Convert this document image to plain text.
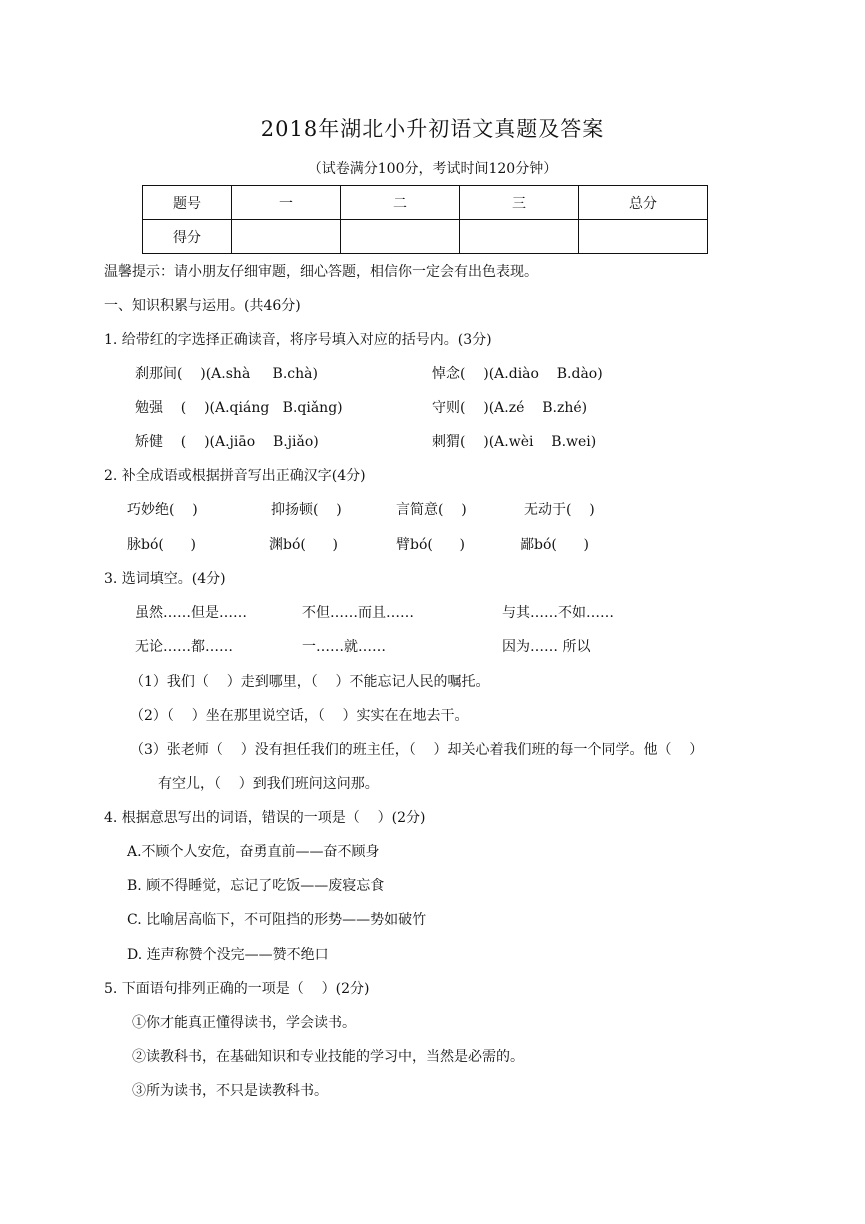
2018年湖北小升初语文真题及答案
（试卷满分100分，考试时间120分钟）
题号	一	二	三	总分
得分				
温馨提示：请小朋友仔细审题，细心答题，相信你一定会有出色表现。
一、知识积累与运用。(共46分)
1. 给带红的字选择正确读音，将序号填入对应的括号内。(3分)
刹那间(    )(A.shà     B.chà)	悼念(    )(A.diào    B.dào)
勉强    (    )(A.qiáng   B.qiǎng)	守则(    )(A.zé    B.zhé)
矫健    (    )(A.jiāo    B.jiǎo)	刺猬(    )(A.wèi    B.wei)
2. 补全成语或根据拼音写出正确汉字(4分)
巧妙绝(    )	抑扬顿(    )	言简意(    )	无动于(    )
脉bó(      )	渊bó(      )	臂bó(      )	鄙bó(      )
3. 选词填空。(4分)
虽然……但是……	不但……而且……	与其……不如……
无论……都……	一……就……	因为…… 所以
（1）我们（    ）走到哪里，（    ）不能忘记人民的嘱托。
（2）（    ）坐在那里说空话，（    ）实实在在地去干。
（3）张老师（    ）没有担任我们的班主任，（    ）却关心着我们班的每一个同学。他（    ）
有空儿，（    ）到我们班问这问那。
4. 根据意思写出的词语，错误的一项是（    ）(2分)
A.不顾个人安危，奋勇直前——奋不顾身
B. 顾不得睡觉，忘记了吃饭——废寝忘食
C. 比喻居高临下，不可阻挡的形势——势如破竹
D. 连声称赞个没完——赞不绝口
5. 下面语句排列正确的一项是（    ）(2分)
①你才能真正懂得读书，学会读书。
②读教科书，在基础知识和专业技能的学习中，当然是必需的。
③所为读书，不只是读教科书。
